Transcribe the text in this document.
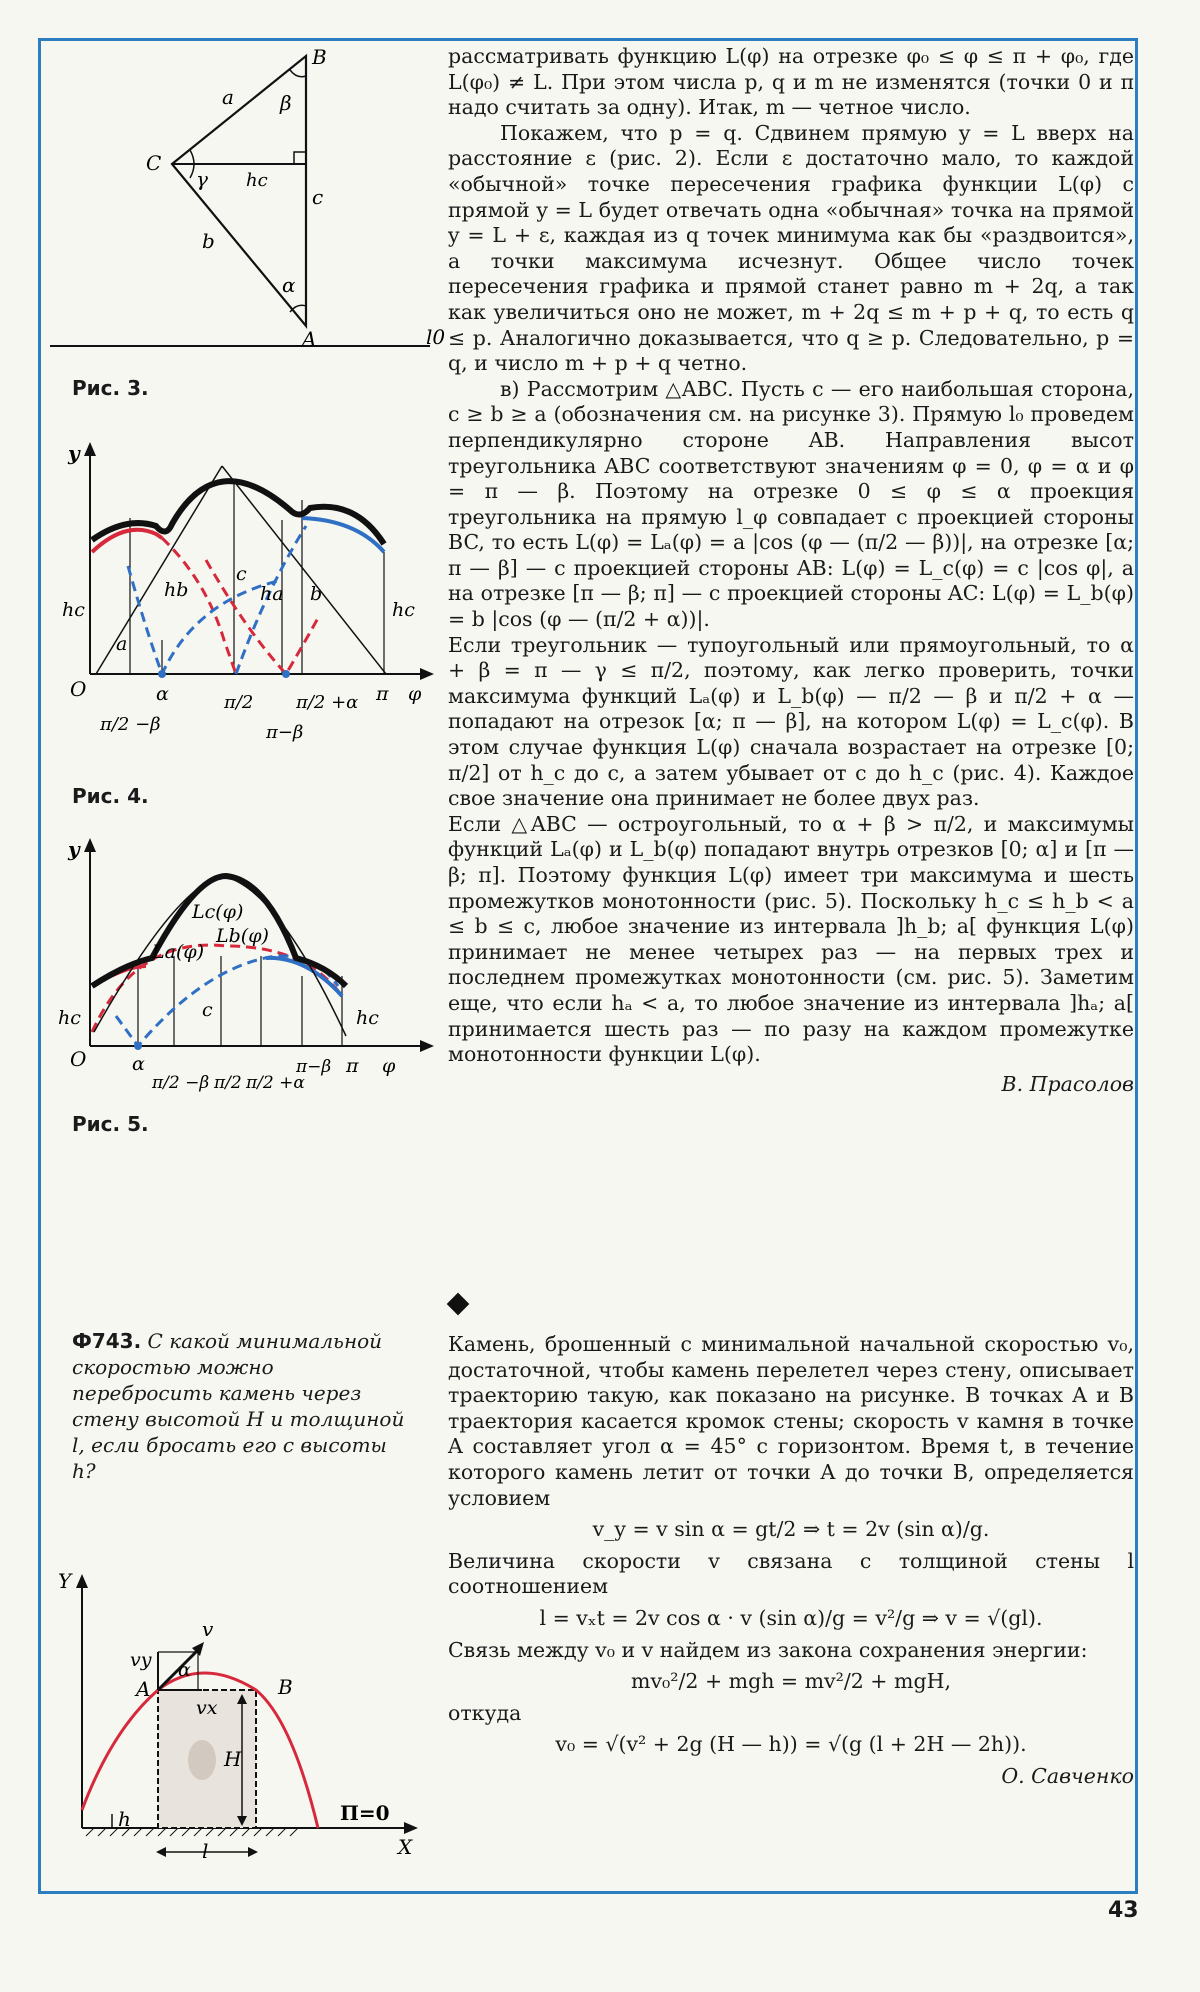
B
C
A
a
b
c
hc
β
γ
α
l0
Рис. 3.
y
O
hc	hc
hb	ha
a
b
c
α	π/2
π/2 −β	π−β
π/2 +α π φ
Рис. 4.
y
O
hc	hc
Lc(φ)
La(φ)
Lb(φ)
c
α
π/2 −β π/2 π/2 +α
π−β π φ
Рис. 5.

рассматривать функцию L(φ) на отрезке φ₀ ≤ φ ≤ π + φ₀, где L(φ₀) ≠ L. При этом числа p, q и m не изменятся (точки 0 и π надо считать за одну). Итак, m — четное число.

Покажем, что p = q. Сдвинем прямую y = L вверх на расстояние ε (рис. 2). Если ε достаточно мало, то каждой «обычной» точке пересечения графика функции L(φ) с прямой y = L будет отвечать одна «обычная» точка на прямой y = L + ε, каждая из q точек минимума как бы «раздвоится», а точки максимума исчезнут. Общее число точек пересечения графика и прямой станет равно m + 2q, а так как увеличиться оно не может, m + 2q ≤ m + p + q, то есть q ≤ p. Аналогично доказывается, что q ≥ p. Следовательно, p = q, и число m + p + q четно.

в) Рассмотрим △ABC. Пусть c — его наибольшая сторона, c ≥ b ≥ a (обозначения см. на рисунке 3). Прямую l₀ проведем перпендикулярно стороне AB. Направления высот треугольника ABC соответствуют значениям φ = 0, φ = α и φ = π — β. Поэтому на отрезке 0 ≤ φ ≤ α проекция треугольника на прямую l_φ совпадает с проекцией стороны BC, то есть L(φ) = Lₐ(φ) = a |cos (φ — (π/2 — β))|, на отрезке [α; π — β] — с проекцией стороны AB: L(φ) = L_c(φ) = c |cos φ|, а на отрезке [π — β; π] — с проекцией стороны AC: L(φ) = L_b(φ) = b |cos (φ — (π/2 + α))|.

Если треугольник — тупоугольный или прямоугольный, то α + β = π — γ ≤ π/2, поэтому, как легко проверить, точки максимума функций Lₐ(φ) и L_b(φ) — π/2 — β и π/2 + α — попадают на отрезок [α; π — β], на котором L(φ) = L_c(φ). В этом случае функция L(φ) сначала возрастает на отрезке [0; π/2] от h_c до c, а затем убывает от c до h_c (рис. 4). Каждое свое значение она принимает не более двух раз.

Если △ABC — остроугольный, то α + β > π/2, и максимумы функций Lₐ(φ) и L_b(φ) попадают внутрь отрезков [0; α] и [π — β; π]. Поэтому функция L(φ) имеет три максимума и шесть промежутков монотонности (рис. 5). Поскольку h_c ≤ h_b < a ≤ b ≤ c, любое значение из интервала ]h_b; a[ функция L(φ) принимает не менее четырех раз — на первых трех и последнем промежутках монотонности (см. рис. 5). Заметим еще, что если hₐ < a, то любое значение из интервала ]hₐ; a[ принимается шесть раз — по разу на каждом промежутке монотонности функции L(φ).

В. Прасолов

Ф743. С какой минимальной скоростью можно перебросить камень через стену высотой H и толщиной l, если бросать его с высоты h?
Y
X
A	B
v
vy
vx
α
H
h
l
П=0

Камень, брошенный с минимальной начальной скоростью v₀, достаточной, чтобы камень перелетел через стену, описывает траекторию такую, как показано на рисунке. В точках A и B траектория касается кромок стены; скорость v камня в точке A составляет угол α = 45° с горизонтом. Время t, в течение которого камень летит от точки A до точки B, определяется условием

v_y = v sin α = gt/2 ⇒ t = 2v (sin α)/g.

Величина скорости v связана с толщиной стены l соотношением

l = vₓt = 2v cos α · v (sin α)/g = v²/g ⇒ v = √(gl).

Связь между v₀ и v найдем из закона сохранения энергии:

mv₀²/2 + mgh = mv²/2 + mgH,

откуда

v₀ = √(v² + 2g (H — h)) = √(g (l + 2H — 2h)).

О. Савченко

43
